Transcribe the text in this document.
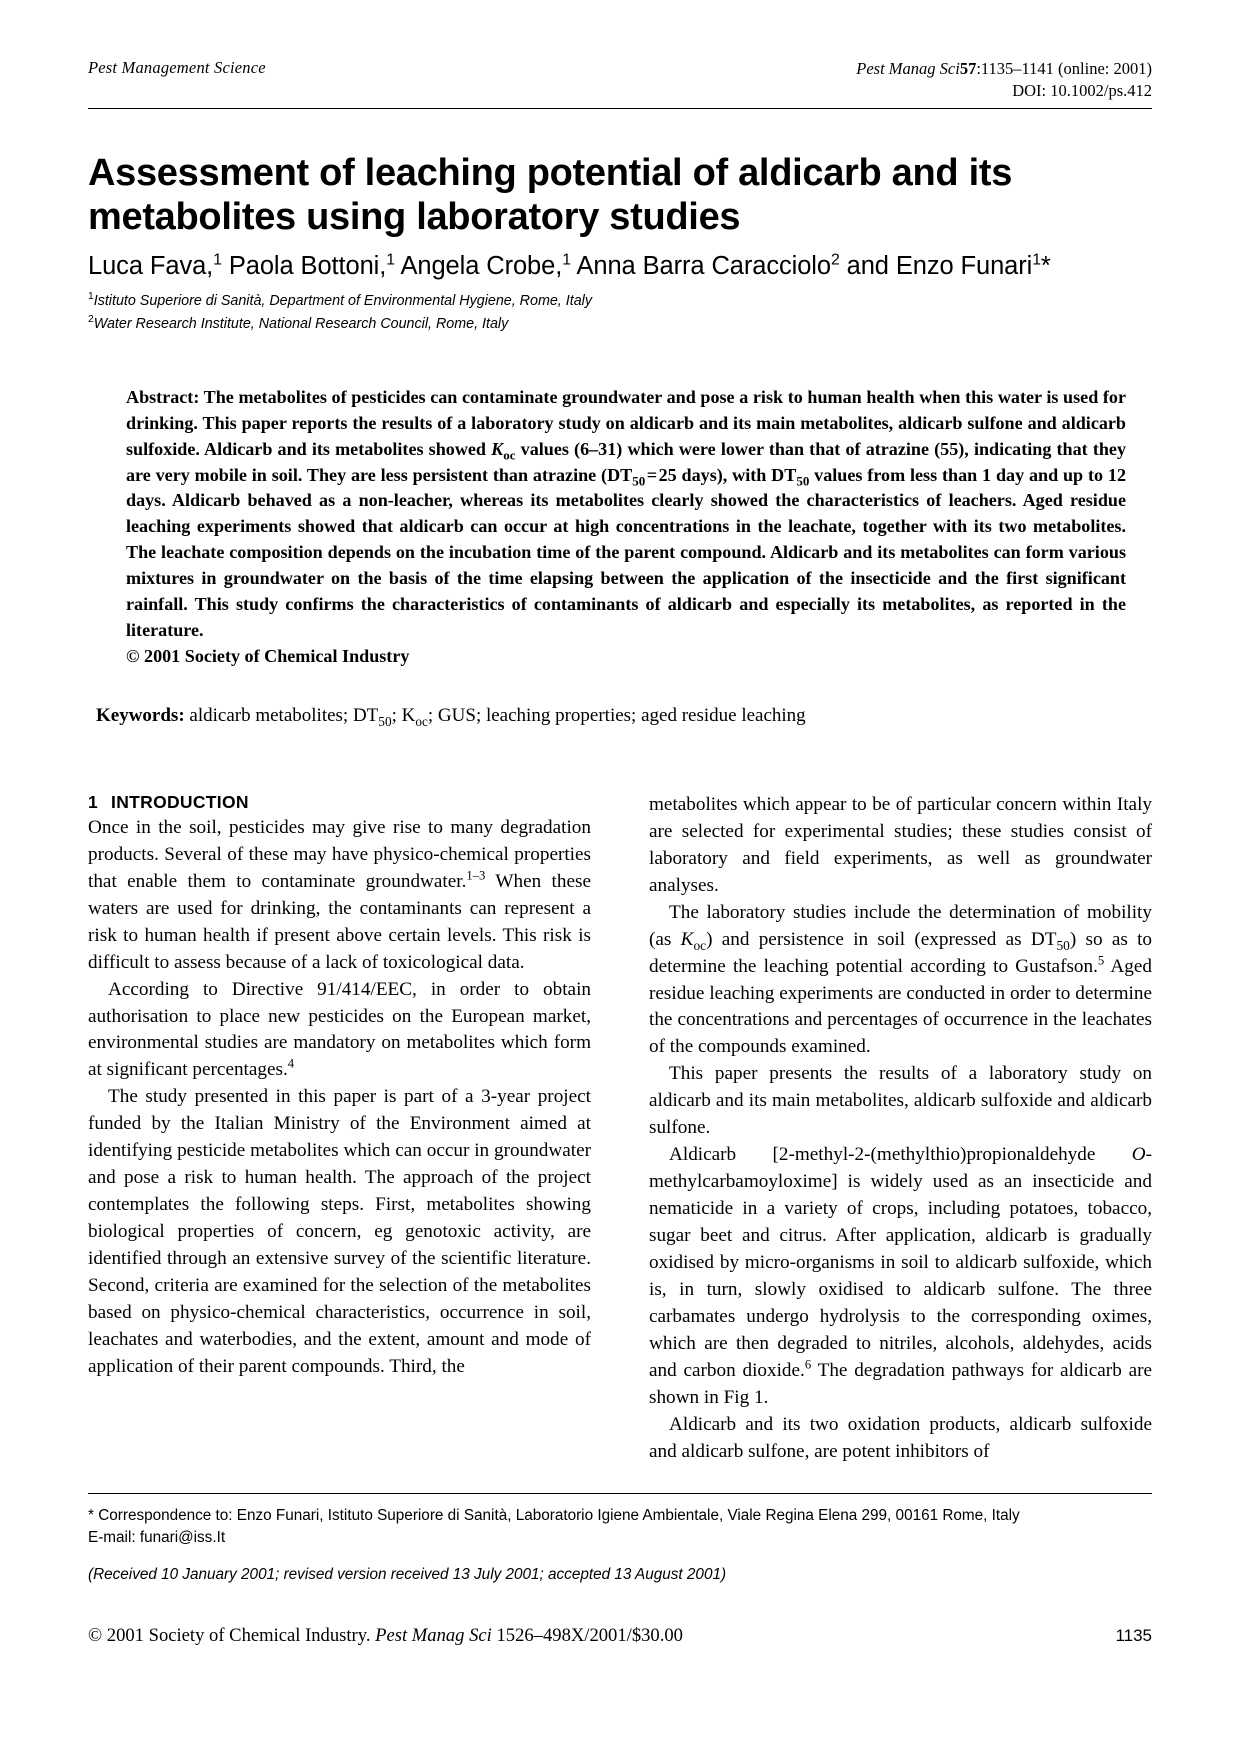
Pest Management Science	Pest Manag Sci57:1135–1141 (online: 2001)
DOI: 10.1002/ps.412
Assessment of leaching potential of aldicarb and its metabolites using laboratory studies
Luca Fava,$^1$ Paola Bottoni,$^1$ Angela Crobe,$^1$ Anna Barra Caracciolo$^2$ and Enzo Funari$^1$*
$^1$Istituto Superiore di Sanità, Department of Environmental Hygiene, Rome, Italy
$^2$Water Research Institute, National Research Council, Rome, Italy
Abstract: The metabolites of pesticides can contaminate groundwater and pose a risk to human health when this water is used for drinking. This paper reports the results of a laboratory study on aldicarb and its main metabolites, aldicarb sulfone and aldicarb sulfoxide. Aldicarb and its metabolites showed $K_{oc}$ values (6–31) which were lower than that of atrazine (55), indicating that they are very mobile in soil. They are less persistent than atrazine ($DT_{50}$ = 25 days), with $DT_{50}$ values from less than 1 day and up to 12 days. Aldicarb behaved as a non-leacher, whereas its metabolites clearly showed the characteristics of leachers. Aged residue leaching experiments showed that aldicarb can occur at high concentrations in the leachate, together with its two metabolites. The leachate composition depends on the incubation time of the parent compound. Aldicarb and its metabolites can form various mixtures in groundwater on the basis of the time elapsing between the application of the insecticide and the first significant rainfall. This study confirms the characteristics of contaminants of aldicarb and especially its metabolites, as reported in the literature.
© 2001 Society of Chemical Industry
Keywords: aldicarb metabolites; $DT_{50}$; $K_{oc}$; GUS; leaching properties; aged residue leaching
1 INTRODUCTION

Once in the soil, pesticides may give rise to many degradation products. Several of these may have physico-chemical properties that enable them to contaminate groundwater.$^{1-3}$ When these waters are used for drinking, the contaminants can represent a risk to human health if present above certain levels. This risk is difficult to assess because of a lack of toxicological data.

According to Directive 91/414/EEC, in order to obtain authorisation to place new pesticides on the European market, environmental studies are mandatory on metabolites which form at significant percentages.$^4$

The study presented in this paper is part of a 3-year project funded by the Italian Ministry of the Environment aimed at identifying pesticide metabolites which can occur in groundwater and pose a risk to human health. The approach of the project contemplates the following steps. First, metabolites showing biological properties of concern, eg genotoxic activity, are identified through an extensive survey of the scientific literature. Second, criteria are examined for the selection of the metabolites based on physico-chemical characteristics, occurrence in soil, leachates and waterbodies, and the extent, amount and mode of application of their parent compounds. Third, the

metabolites which appear to be of particular concern within Italy are selected for experimental studies; these studies consist of laboratory and field experiments, as well as groundwater analyses.

The laboratory studies include the determination of mobility (as $K_{oc}$) and persistence in soil (expressed as $DT_{50}$) so as to determine the leaching potential according to Gustafson.$^5$ Aged residue leaching experiments are conducted in order to determine the concentrations and percentages of occurrence in the leachates of the compounds examined.

This paper presents the results of a laboratory study on aldicarb and its main metabolites, aldicarb sulfoxide and aldicarb sulfone.

Aldicarb [2-methyl-2-(methylthio)propionaldehyde O-methylcarbamoyloxime] is widely used as an insecticide and nematicide in a variety of crops, including potatoes, tobacco, sugar beet and citrus. After application, aldicarb is gradually oxidised by micro-organisms in soil to aldicarb sulfoxide, which is, in turn, slowly oxidised to aldicarb sulfone. The three carbamates undergo hydrolysis to the corresponding oximes, which are then degraded to nitriles, alcohols, aldehydes, acids and carbon dioxide.$^6$ The degradation pathways for aldicarb are shown in Fig 1.

Aldicarb and its two oxidation products, aldicarb sulfoxide and aldicarb sulfone, are potent inhibitors of

* Correspondence to: Enzo Funari, Istituto Superiore di Sanità, Laboratorio Igiene Ambientale, Viale Regina Elena 299, 00161 Rome, Italy

E-mail: funari@iss.It

(Received 10 January 2001; revised version received 13 July 2001; accepted 13 August 2001)

© 2001 Society of Chemical Industry. Pest Manag Sci 1526–498X/2001/$30.00	1135
